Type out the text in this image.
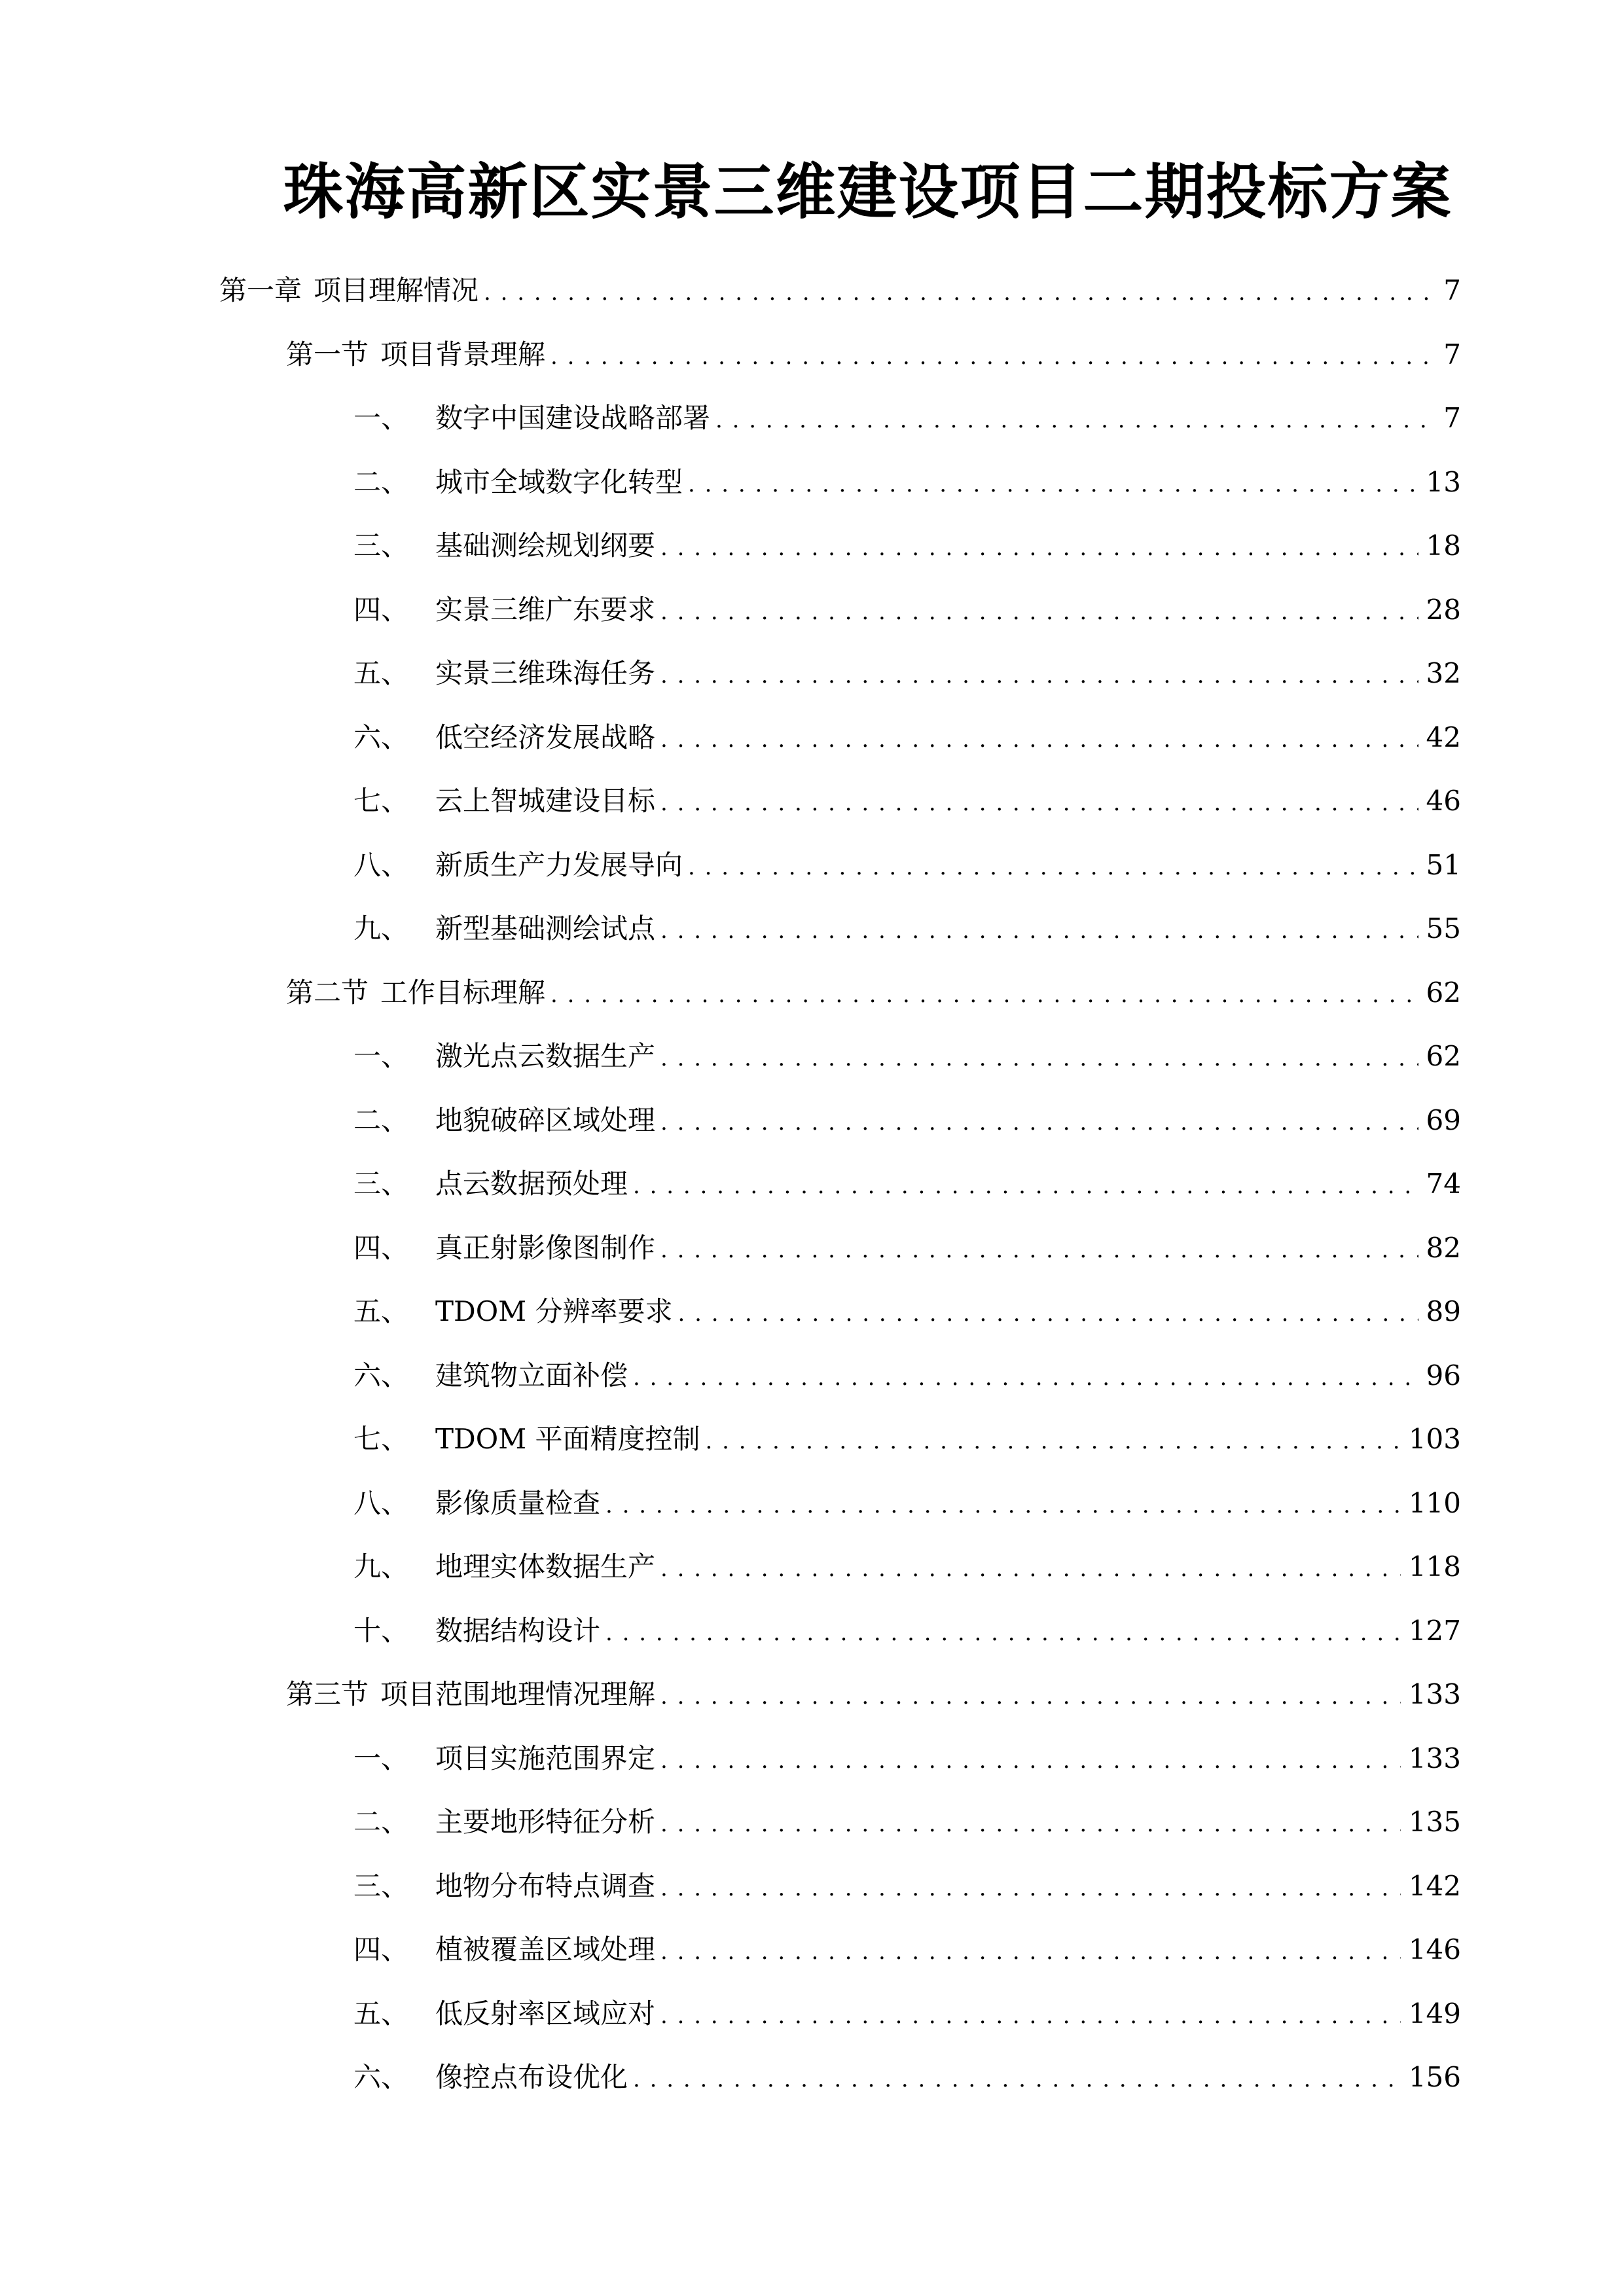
珠海高新区实景三维建设项目二期投标方案
第一章 项目理解情况 . . .	7
第一节 项目背景理解 . . .	7
一、 数字中国建设战略部署 . . .	7
二、 城市全域数字化转型 . . .	13
三、 基础测绘规划纲要 . . .	18
四、 实景三维广东要求 . . .	28
五、 实景三维珠海任务 . . .	32
六、 低空经济发展战略 . . .	42
七、 云上智城建设目标 . . .	46
八、 新质生产力发展导向 . . .	51
九、 新型基础测绘试点 . . .	55
第二节 工作目标理解 . . .	62
一、 激光点云数据生产 . . .	62
二、 地貌破碎区域处理 . . .	69
三、 点云数据预处理 . . .	74
四、 真正射影像图制作 . . .	82
五、 TDOM 分辨率要求 . . .	89
六、 建筑物立面补偿 . . .	96
七、 TDOM 平面精度控制 . . .	103
八、 影像质量检查 . . .	110
九、 地理实体数据生产 . . .	118
十、 数据结构设计 . . .	127
第三节 项目范围地理情况理解 . . .	133
一、 项目实施范围界定 . . .	133
二、 主要地形特征分析 . . .	135
三、 地物分布特点调查 . . .	142
四、 植被覆盖区域处理 . . .	146
五、 低反射率区域应对 . . .	149
六、 像控点布设优化 . . .	156
